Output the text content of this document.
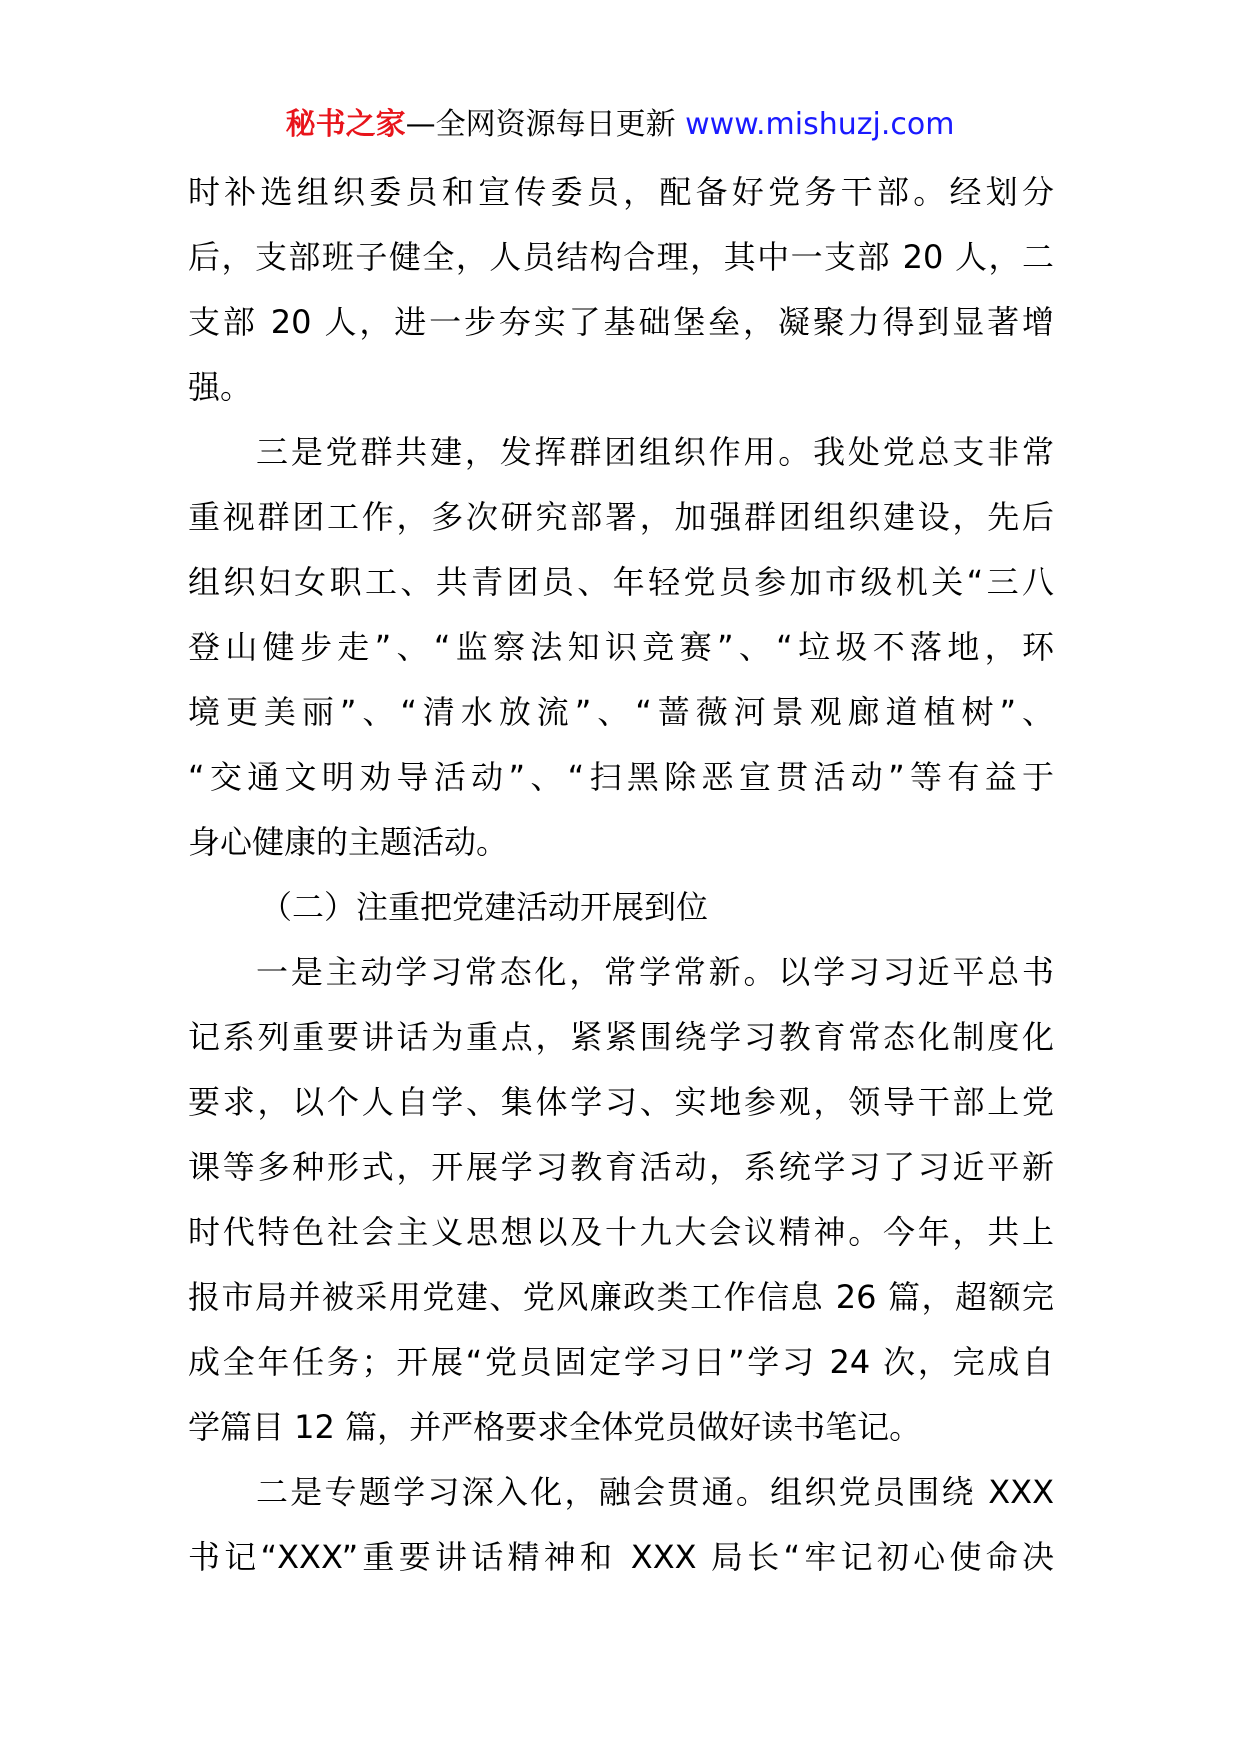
秘书之家—全网资源每日更新 www.mishuzj.com
时补选组织委员和宣传委员，配备好党务干部。经划分
后，支部班子健全，人员结构合理，其中一支部 20 人，二
支部 20 人，进一步夯实了基础堡垒，凝聚力得到显著增
强。
三是党群共建，发挥群团组织作用。我处党总支非常
重视群团工作，多次研究部署，加强群团组织建设，先后
组织妇女职工、共青团员、年轻党员参加市级机关“三八
登山健步走”、“监察法知识竞赛”、“垃圾不落地，环
境更美丽”、“清水放流”、“蔷薇河景观廊道植树”、
“交通文明劝导活动”、“扫黑除恶宣贯活动”等有益于
身心健康的主题活动。
（二）注重把党建活动开展到位
一是主动学习常态化，常学常新。以学习习近平总书
记系列重要讲话为重点，紧紧围绕学习教育常态化制度化
要求，以个人自学、集体学习、实地参观，领导干部上党
课等多种形式，开展学习教育活动，系统学习了习近平新
时代特色社会主义思想以及十九大会议精神。今年，共上
报市局并被采用党建、党风廉政类工作信息 26 篇，超额完
成全年任务；开展“党员固定学习日”学习 24 次，完成自
学篇目 12 篇，并严格要求全体党员做好读书笔记。
二是专题学习深入化，融会贯通。组织党员围绕 XXX
书记“XXX”重要讲话精神和 XXX 局长“牢记初心使命决
